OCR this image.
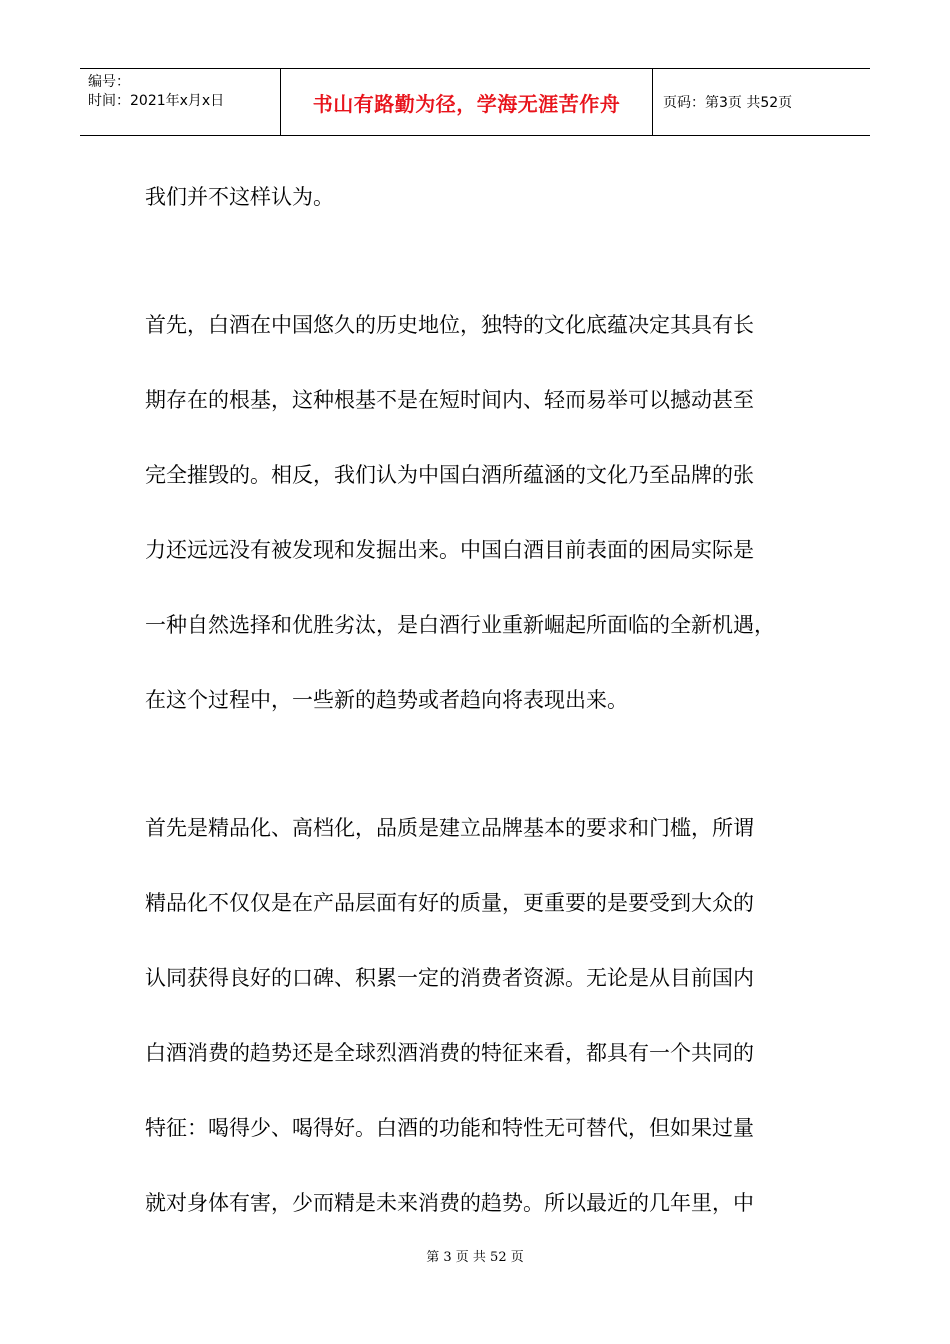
编号：
时间：2021年x月x日	书山有路勤为径，学海无涯苦作舟	页码：第3页 共52页

我们并不这样认为。

首先，白酒在中国悠久的历史地位，独特的文化底蕴决定其具有长

期存在的根基，这种根基不是在短时间内、轻而易举可以撼动甚至

完全摧毁的。相反，我们认为中国白酒所蕴涵的文化乃至品牌的张

力还远远没有被发现和发掘出来。中国白酒目前表面的困局实际是

一种自然选择和优胜劣汰，是白酒行业重新崛起所面临的全新机遇，

在这个过程中，一些新的趋势或者趋向将表现出来。

首先是精品化、高档化，品质是建立品牌基本的要求和门槛，所谓

精品化不仅仅是在产品层面有好的质量，更重要的是要受到大众的

认同获得良好的口碑、积累一定的消费者资源。无论是从目前国内

白酒消费的趋势还是全球烈酒消费的特征来看，都具有一个共同的

特征：喝得少、喝得好。白酒的功能和特性无可替代，但如果过量

就对身体有害，少而精是未来消费的趋势。所以最近的几年里，中

第 3 页 共 52 页
